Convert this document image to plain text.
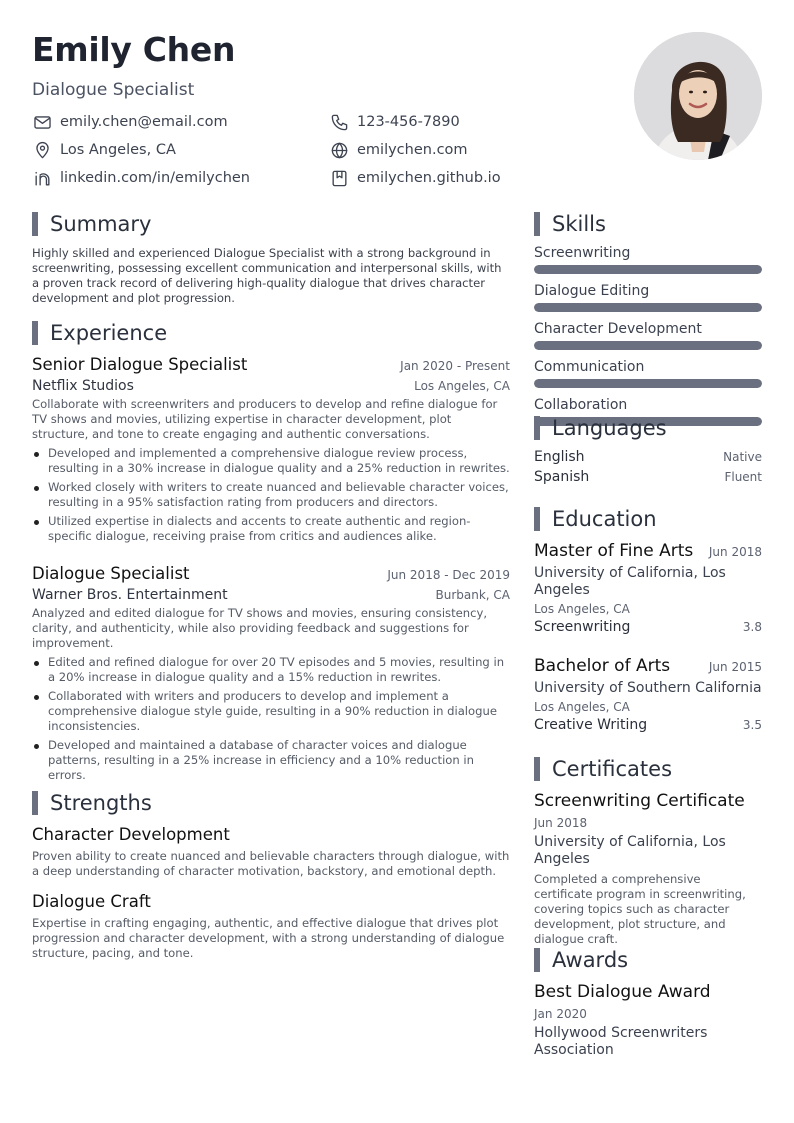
Emily Chen
Dialogue Specialist
emily.chen@email.com	123-456-7890
Los Angeles, CA	emilychen.com
linkedin.com/in/emilychen	emilychen.github.io
Summary
Highly skilled and experienced Dialogue Specialist with a strong background in screenwriting, possessing excellent communication and interpersonal skills, with a proven track record of delivering high-quality dialogue that drives character development and plot progression.
Experience
Senior Dialogue Specialist	Jan 2020 - Present
Netflix Studios	Los Angeles, CA
Collaborate with screenwriters and producers to develop and refine dialogue for TV shows and movies, utilizing expertise in character development, plot structure, and tone to create engaging and authentic conversations.
Developed and implemented a comprehensive dialogue review process, resulting in a 30% increase in dialogue quality and a 25% reduction in rewrites.
Worked closely with writers to create nuanced and believable character voices, resulting in a 95% satisfaction rating from producers and directors.
Utilized expertise in dialects and accents to create authentic and region-specific dialogue, receiving praise from critics and audiences alike.
Dialogue Specialist	Jun 2018 - Dec 2019
Warner Bros. Entertainment	Burbank, CA
Analyzed and edited dialogue for TV shows and movies, ensuring consistency, clarity, and authenticity, while also providing feedback and suggestions for improvement.
Edited and refined dialogue for over 20 TV episodes and 5 movies, resulting in a 20% increase in dialogue quality and a 15% reduction in rewrites.
Collaborated with writers and producers to develop and implement a comprehensive dialogue style guide, resulting in a 90% reduction in dialogue inconsistencies.
Developed and maintained a database of character voices and dialogue patterns, resulting in a 25% increase in efficiency and a 10% reduction in errors.
Strengths
Character Development
Proven ability to create nuanced and believable characters through dialogue, with a deep understanding of character motivation, backstory, and emotional depth.
Dialogue Craft
Expertise in crafting engaging, authentic, and effective dialogue that drives plot progression and character development, with a strong understanding of dialogue structure, pacing, and tone.
Skills
Screenwriting
Dialogue Editing
Character Development
Communication
Collaboration
Languages
English	Native
Spanish	Fluent
Education
Master of Fine Arts Jun 2018
University of California, Los Angeles
Los Angeles, CA
Screenwriting	3.8
Bachelor of Arts	Jun 2015
University of Southern California
Los Angeles, CA
Creative Writing	3.5
Certificates
Screenwriting Certificate
Jun 2018
University of California, Los Angeles
Completed a comprehensive certificate program in screenwriting, covering topics such as character development, plot structure, and dialogue craft.
Awards
Best Dialogue Award
Jan 2020
Hollywood Screenwriters Association
